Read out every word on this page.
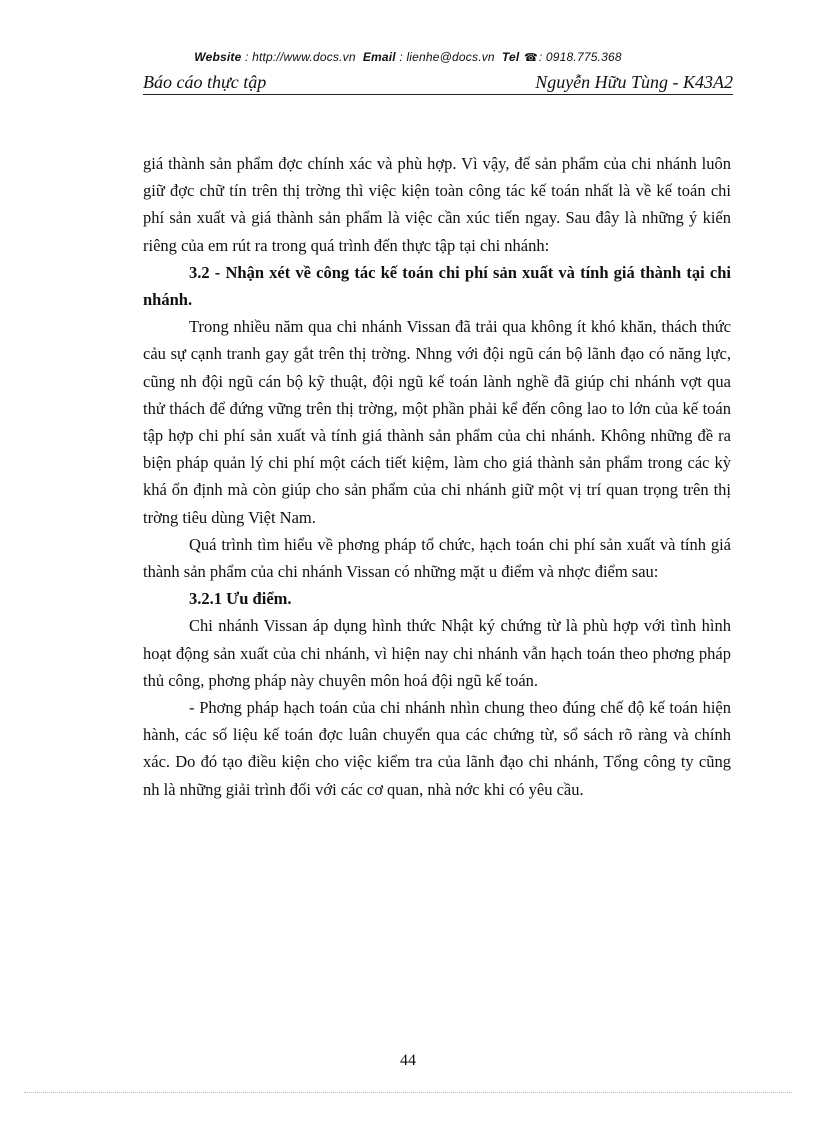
Website : http://www.docs.vn Email : lienhe@docs.vn Tel ☎: 0918.775.368
Báo cáo thực tập	Nguyễn Hữu Tùng - K43A2

giá thành sản phẩm đợc chính xác và phù hợp. Vì vậy, để sản phẩm của chi nhánh luôn giữ đợc chữ tín trên thị trờng thì việc kiện toàn công tác kế toán nhất là về kế toán chi phí sản xuất và giá thành sản phẩm là việc cần xúc tiến ngay. Sau đây là những ý kiến riêng của em rút ra trong quá trình đến thực tập tại chi nhánh:

3.2 - Nhận xét về công tác kế toán chi phí sản xuất và tính giá thành tại chi nhánh.

Trong nhiều năm qua chi nhánh Vissan đã trải qua không ít khó khăn, thách thức cảu sự cạnh tranh gay gắt trên thị trờng. Nhng với đội ngũ cán bộ lãnh đạo có năng lực, cũng nh đội ngũ cán bộ kỹ thuật, đội ngũ kế toán lành nghề đã giúp chi nhánh vợt qua thử thách để đứng vững trên thị trờng, một phần phải kể đến công lao to lớn của kế toán tập hợp chi phí sản xuất và tính giá thành sản phẩm của chi nhánh. Không những đề ra biện pháp quản lý chi phí một cách tiết kiệm, làm cho giá thành sản phẩm trong các kỳ khá ổn định mà còn giúp cho sản phẩm của chi nhánh giữ một vị trí quan trọng trên thị trờng tiêu dùng Việt Nam.

Quá trình tìm hiểu về phơng pháp tổ chức, hạch toán chi phí sản xuất và tính giá thành sản phẩm của chi nhánh Vissan có những mặt u điểm và nhợc điểm sau:

3.2.1 Ưu điểm.

Chi nhánh Vissan áp dụng hình thức Nhật ký chứng từ là phù hợp với tình hình hoạt động sản xuất của chi nhánh, vì hiện nay chi nhánh vẫn hạch toán theo phơng pháp thủ công, phơng pháp này chuyên môn hoá đội ngũ kế toán.

- Phơng pháp hạch toán của chi nhánh nhìn chung theo đúng chế độ kế toán hiện hành, các số liệu kế toán đợc luân chuyển qua các chứng từ, sổ sách rõ ràng và chính xác. Do đó tạo điều kiện cho việc kiểm tra của lãnh đạo chi nhánh, Tổng công ty cũng nh là những giải trình đối với các cơ quan, nhà nớc khi có yêu cầu.

44
